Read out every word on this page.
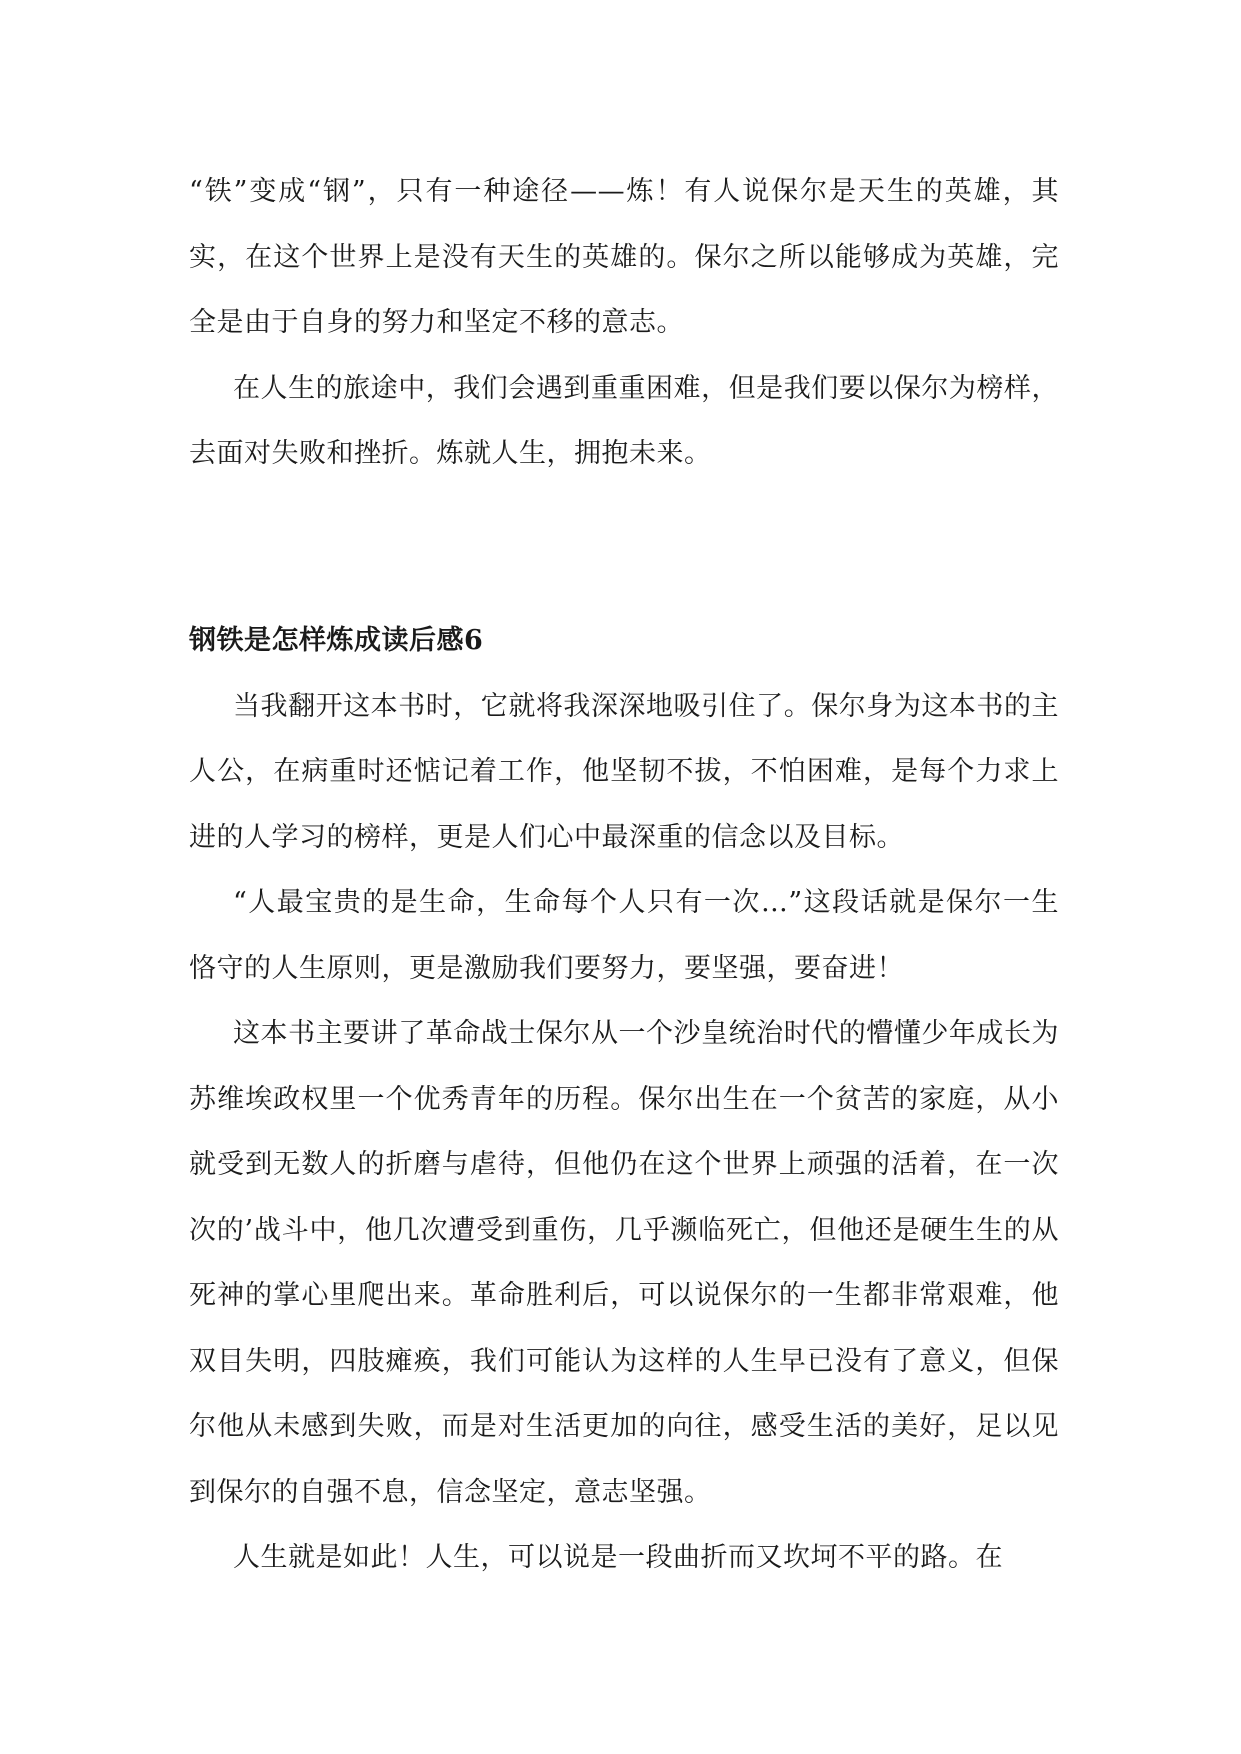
“铁”变成“钢”，只有一种途径——炼！有人说保尔是天生的英雄，其实，在这个世界上是没有天生的英雄的。保尔之所以能够成为英雄，完全是由于自身的努力和坚定不移的意志。

在人生的旅途中，我们会遇到重重困难，但是我们要以保尔为榜样，去面对失败和挫折。炼就人生，拥抱未来。

钢铁是怎样炼成读后感6

当我翻开这本书时，它就将我深深地吸引住了。保尔身为这本书的主人公，在病重时还惦记着工作，他坚韧不拔，不怕困难，是每个力求上进的人学习的榜样，更是人们心中最深重的信念以及目标。

“人最宝贵的是生命，生命每个人只有一次…”这段话就是保尔一生恪守的人生原则，更是激励我们要努力，要坚强，要奋进！

这本书主要讲了革命战士保尔从一个沙皇统治时代的懵懂少年成长为苏维埃政权里一个优秀青年的历程。保尔出生在一个贫苦的家庭，从小就受到无数人的折磨与虐待，但他仍在这个世界上顽强的活着，在一次次的’战斗中，他几次遭受到重伤，几乎濒临死亡，但他还是硬生生的从死神的掌心里爬出来。革命胜利后，可以说保尔的一生都非常艰难，他双目失明，四肢瘫痪，我们可能认为这样的人生早已没有了意义，但保尔他从未感到失败，而是对生活更加的向往，感受生活的美好，足以见到保尔的自强不息，信念坚定，意志坚强。

人生就是如此！人生，可以说是一段曲折而又坎坷不平的路。在
